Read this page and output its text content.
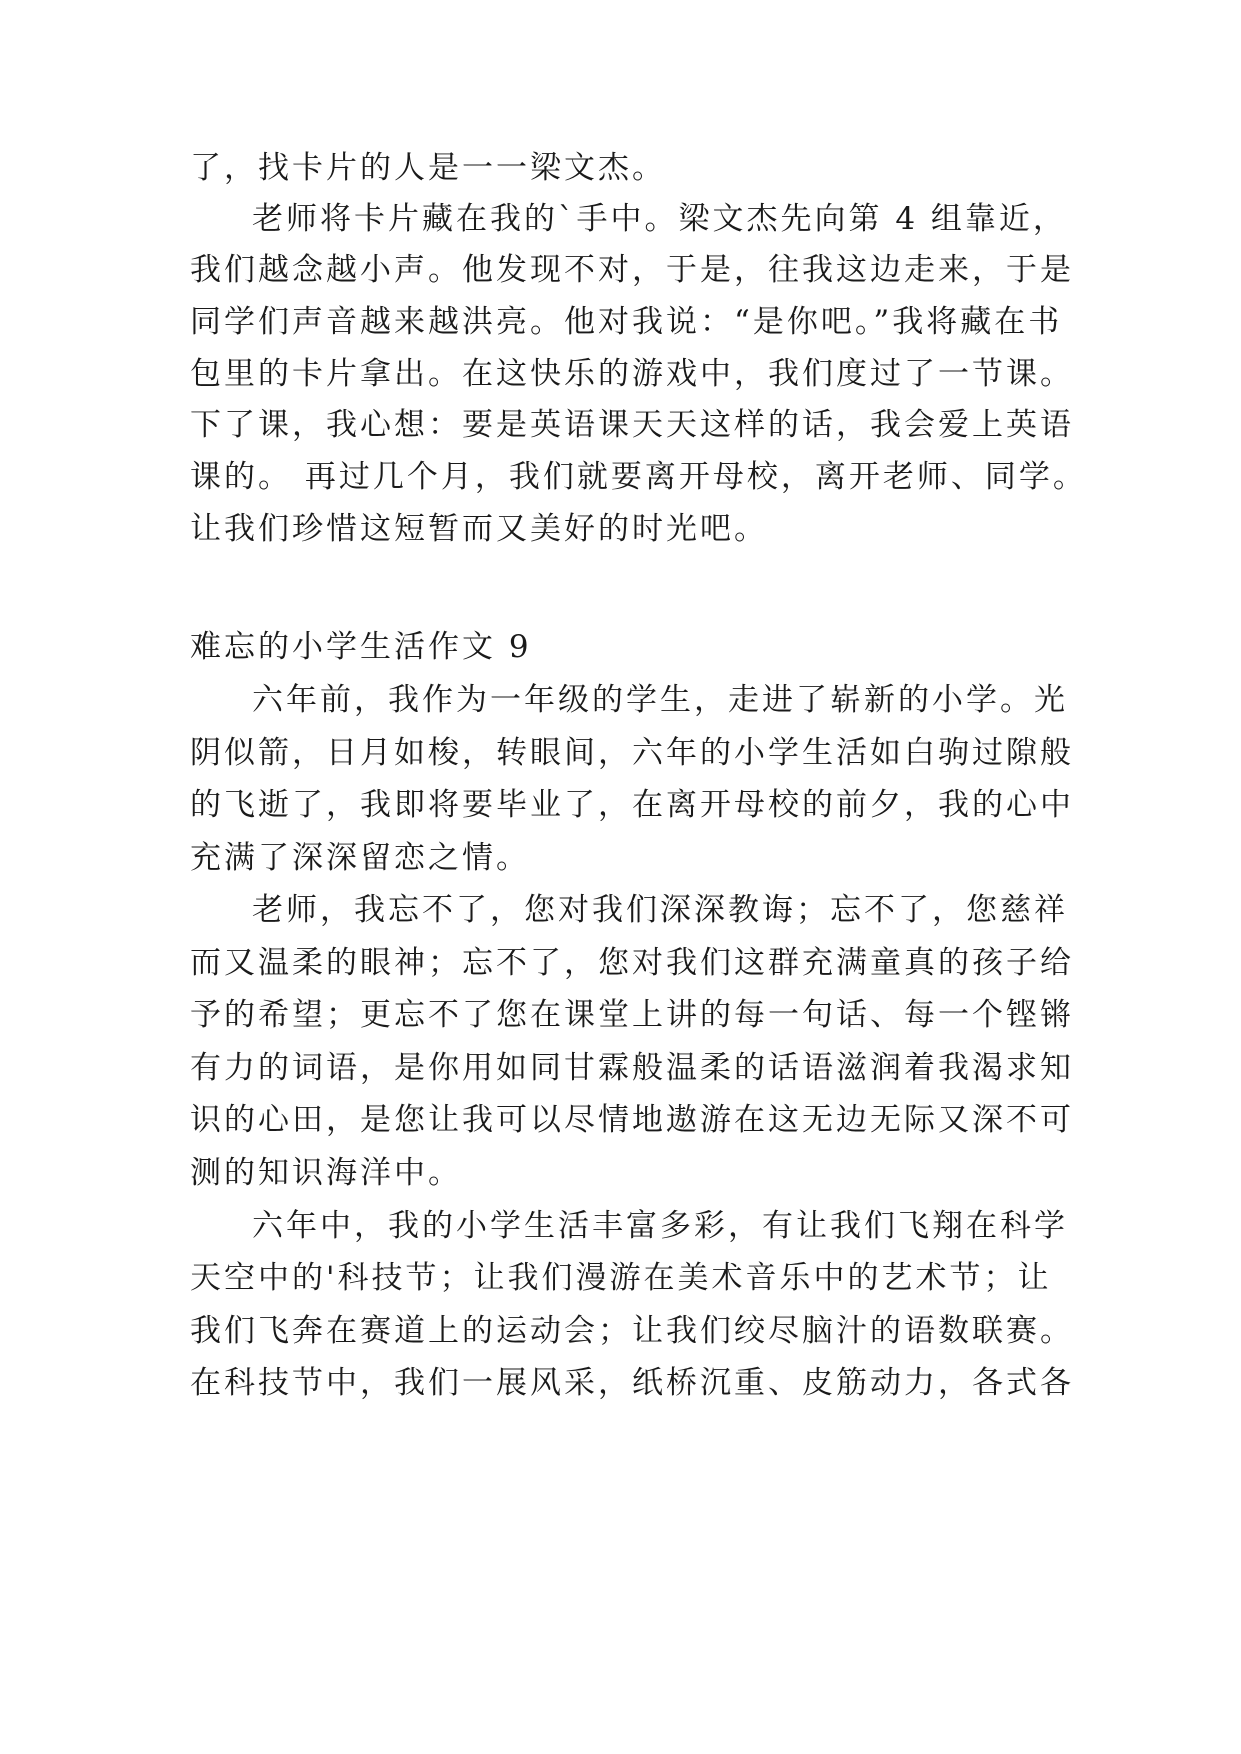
了，找卡片的人是一一梁文杰。
老师将卡片藏在我的`手中。梁文杰先向第 4 组靠近，
我们越念越小声。他发现不对，于是，往我这边走来，于是
同学们声音越来越洪亮。他对我说：“是你吧。”我将藏在书
包里的卡片拿出。在这快乐的游戏中，我们度过了一节课。
下了课，我心想：要是英语课天天这样的话，我会爱上英语
课的。 再过几个月，我们就要离开母校，离开老师、同学。
让我们珍惜这短暂而又美好的时光吧。
难忘的小学生活作文 9
六年前，我作为一年级的学生，走进了崭新的小学。光
阴似箭，日月如梭，转眼间，六年的小学生活如白驹过隙般
的飞逝了，我即将要毕业了，在离开母校的前夕，我的心中
充满了深深留恋之情。
老师，我忘不了，您对我们深深教诲；忘不了，您慈祥
而又温柔的眼神；忘不了，您对我们这群充满童真的孩子给
予的希望；更忘不了您在课堂上讲的每一句话、每一个铿锵
有力的词语，是你用如同甘霖般温柔的话语滋润着我渴求知
识的心田，是您让我可以尽情地遨游在这无边无际又深不可
测的知识海洋中。
六年中，我的小学生活丰富多彩，有让我们飞翔在科学
天空中的'科技节；让我们漫游在美术音乐中的艺术节；让
我们飞奔在赛道上的运动会；让我们绞尽脑汁的语数联赛。
在科技节中，我们一展风采，纸桥沉重、皮筋动力，各式各
